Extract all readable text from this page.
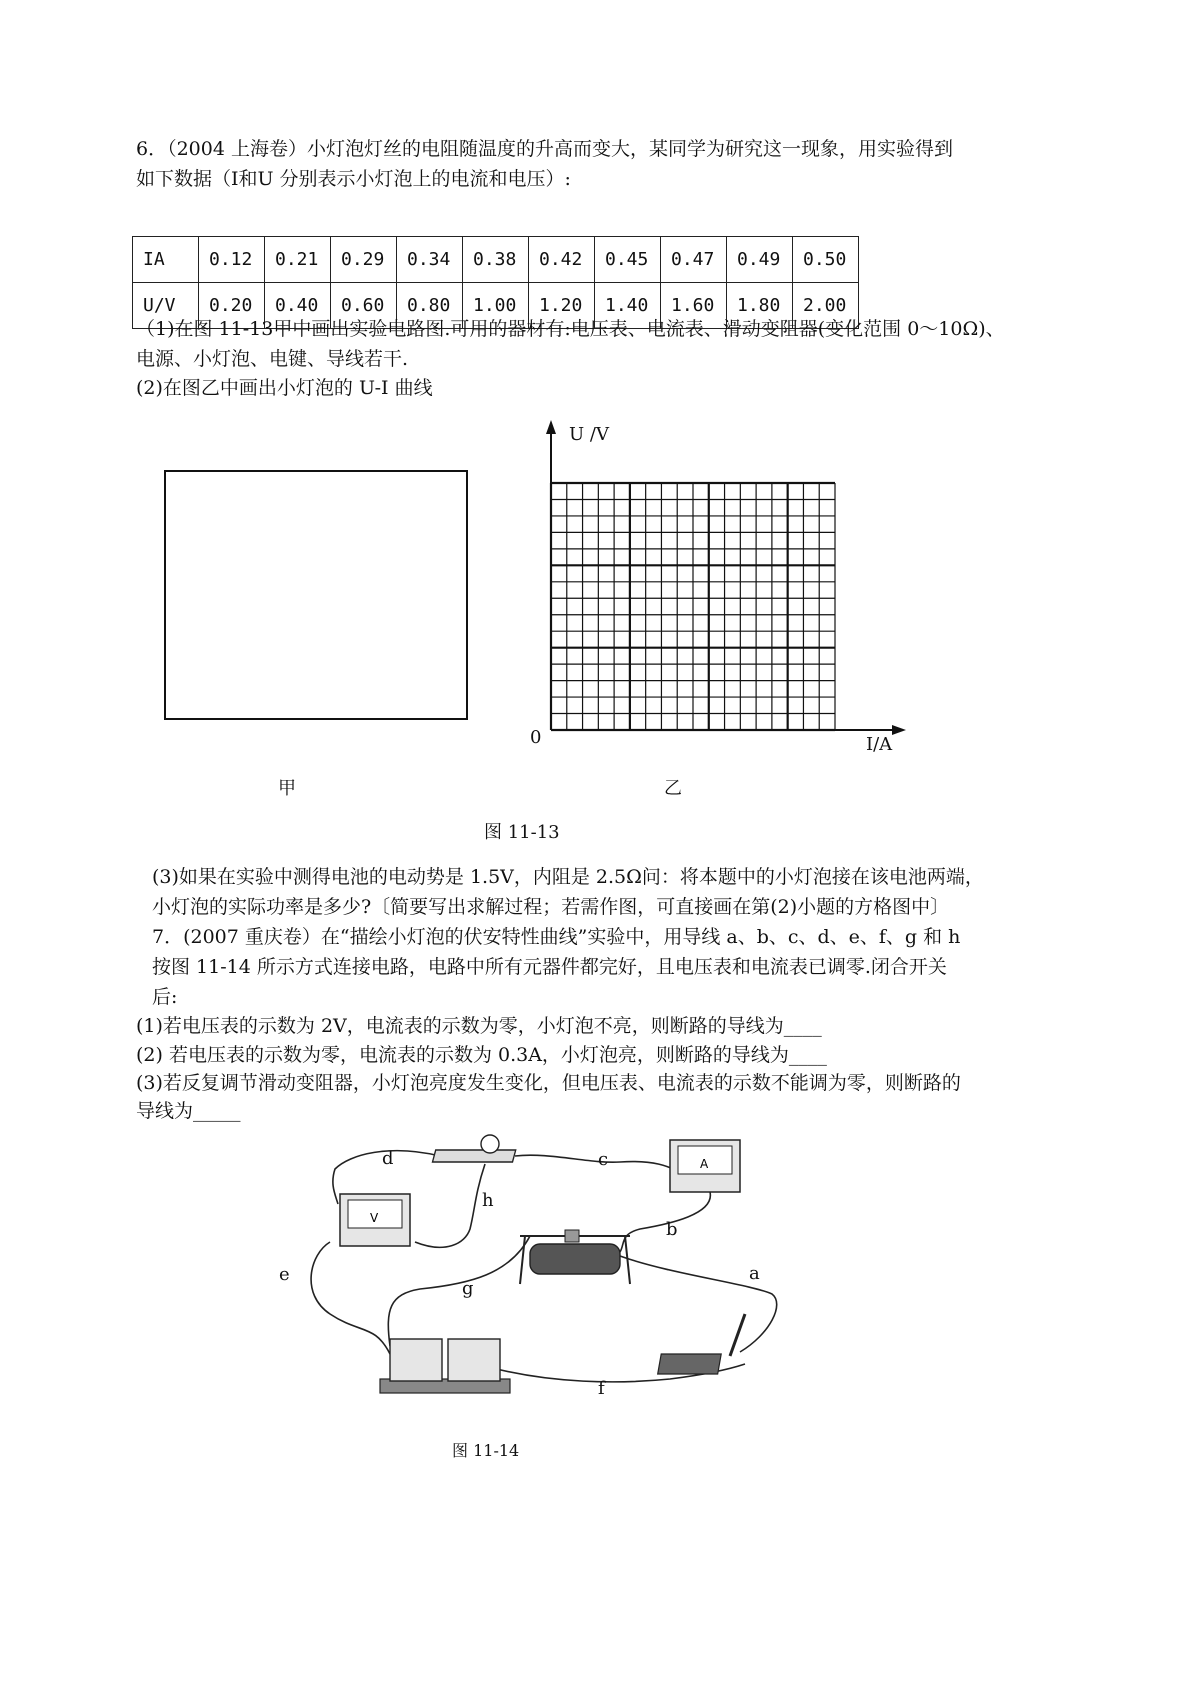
6．（2004 上海卷）小灯泡灯丝的电阻随温度的升高而变大，某同学为研究这一现象，用实验得到
如下数据（I和U 分别表示小灯泡上的电流和电压）:
IA	0.12	0.21	0.29	0.34	0.38	0.42	0.45	0.47	0.49	0.50
U/V	0.20	0.40	0.60	0.80	1.00	1.20	1.40	1.60	1.80	2.00
（1)在图 11-13甲中画出实验电路图.可用的器材有:电压表、电流表、滑动变阻器(变化范围 0～10Ω)、
电源、小灯泡、电键、导线若干.
(2)在图乙中画出小灯泡的 U-I 曲线
U /V
0	I/A
甲	乙
图 11-13
(3)如果在实验中测得电池的电动势是 1.5V，内阻是 2.5Ω问：将本题中的小灯泡接在该电池两端，
小灯泡的实际功率是多少?〔简要写出求解过程；若需作图，可直接画在第(2)小题的方格图中〕
7．(2007 重庆卷）在“描绘小灯泡的伏安特性曲线”实验中，用导线 a、b、c、d、e、f、g 和 h
按图 11-14 所示方式连接电路，电路中所有元器件都完好，且电压表和电流表已调零.闭合开关
后:
(1)若电压表的示数为 2V，电流表的示数为零，小灯泡不亮，则断路的导线为____
(2) 若电压表的示数为零，电流表的示数为 0.3A，小灯泡亮，则断路的导线为____
(3)若反复调节滑动变阻器，小灯泡亮度发生变化，但电压表、电流表的示数不能调为零，则断路的
导线为_____
V
A
d	c
h
b
e	a
g
f
图 11-14
